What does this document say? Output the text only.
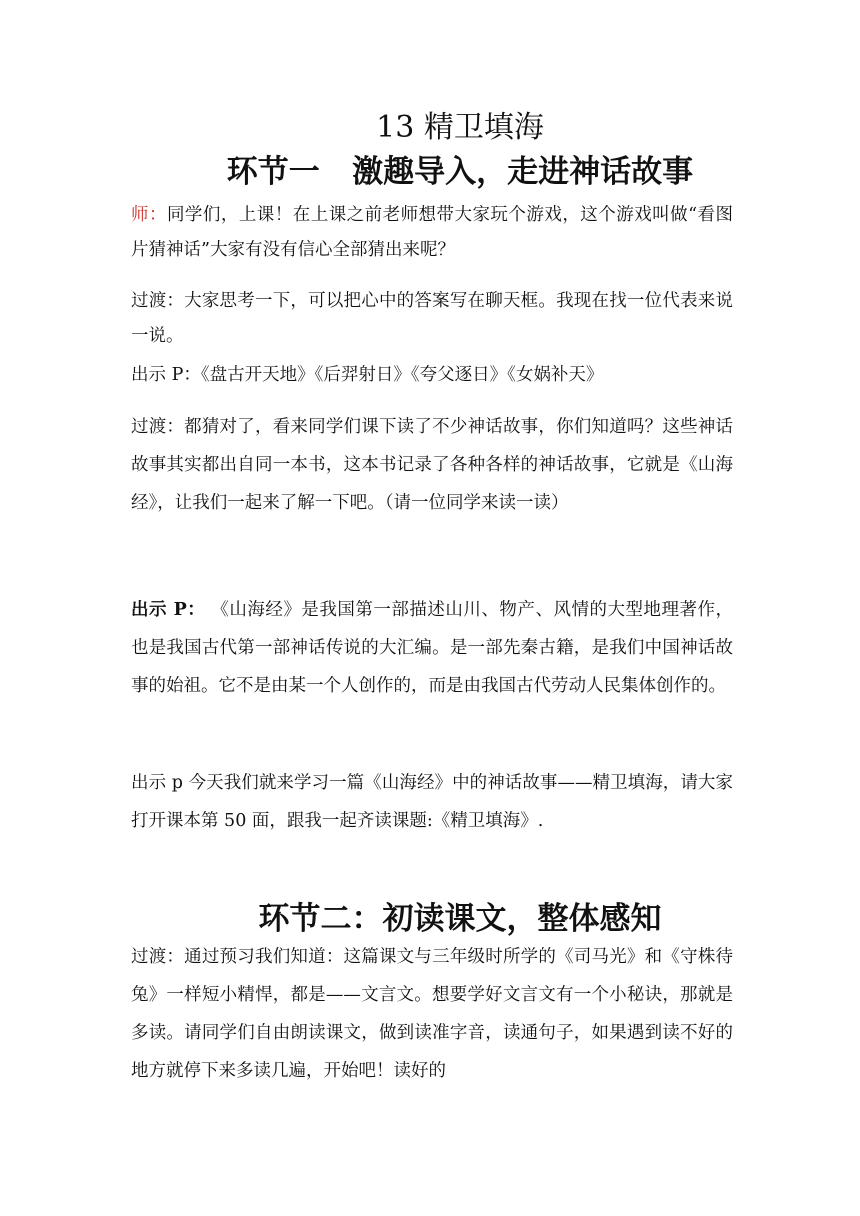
13 精卫填海
环节一   激趣导入，走进神话故事

师：同学们，上课！在上课之前老师想带大家玩个游戏，这个游戏叫做“看图片猜神话”大家有没有信心全部猜出来呢？

过渡：大家思考一下，可以把心中的答案写在聊天框。我现在找一位代表来说一说。

出示 P：《盘古开天地》《后羿射日》《夸父逐日》《女娲补天》

过渡：都猜对了，看来同学们课下读了不少神话故事，你们知道吗？这些神话故事其实都出自同一本书，这本书记录了各种各样的神话故事，它就是《山海经》，让我们一起来了解一下吧。（请一位同学来读一读）

出示 P： 《山海经》是我国第一部描述山川、物产、风情的大型地理著作，也是我国古代第一部神话传说的大汇编。是一部先秦古籍，是我们中国神话故事的始祖。它不是由某一个人创作的，而是由我国古代劳动人民集体创作的。

出示 p 今天我们就来学习一篇《山海经》中的神话故事——精卫填海，请大家打开课本第 50 面，跟我一起齐读课题:《精卫填海》.

环节二：初读课文，整体感知

过渡：通过预习我们知道：这篇课文与三年级时所学的《司马光》和《守株待兔》一样短小精悍，都是——文言文。想要学好文言文有一个小秘诀，那就是多读。请同学们自由朗读课文，做到读准字音，读通句子，如果遇到读不好的地方就停下来多读几遍，开始吧！读好的
